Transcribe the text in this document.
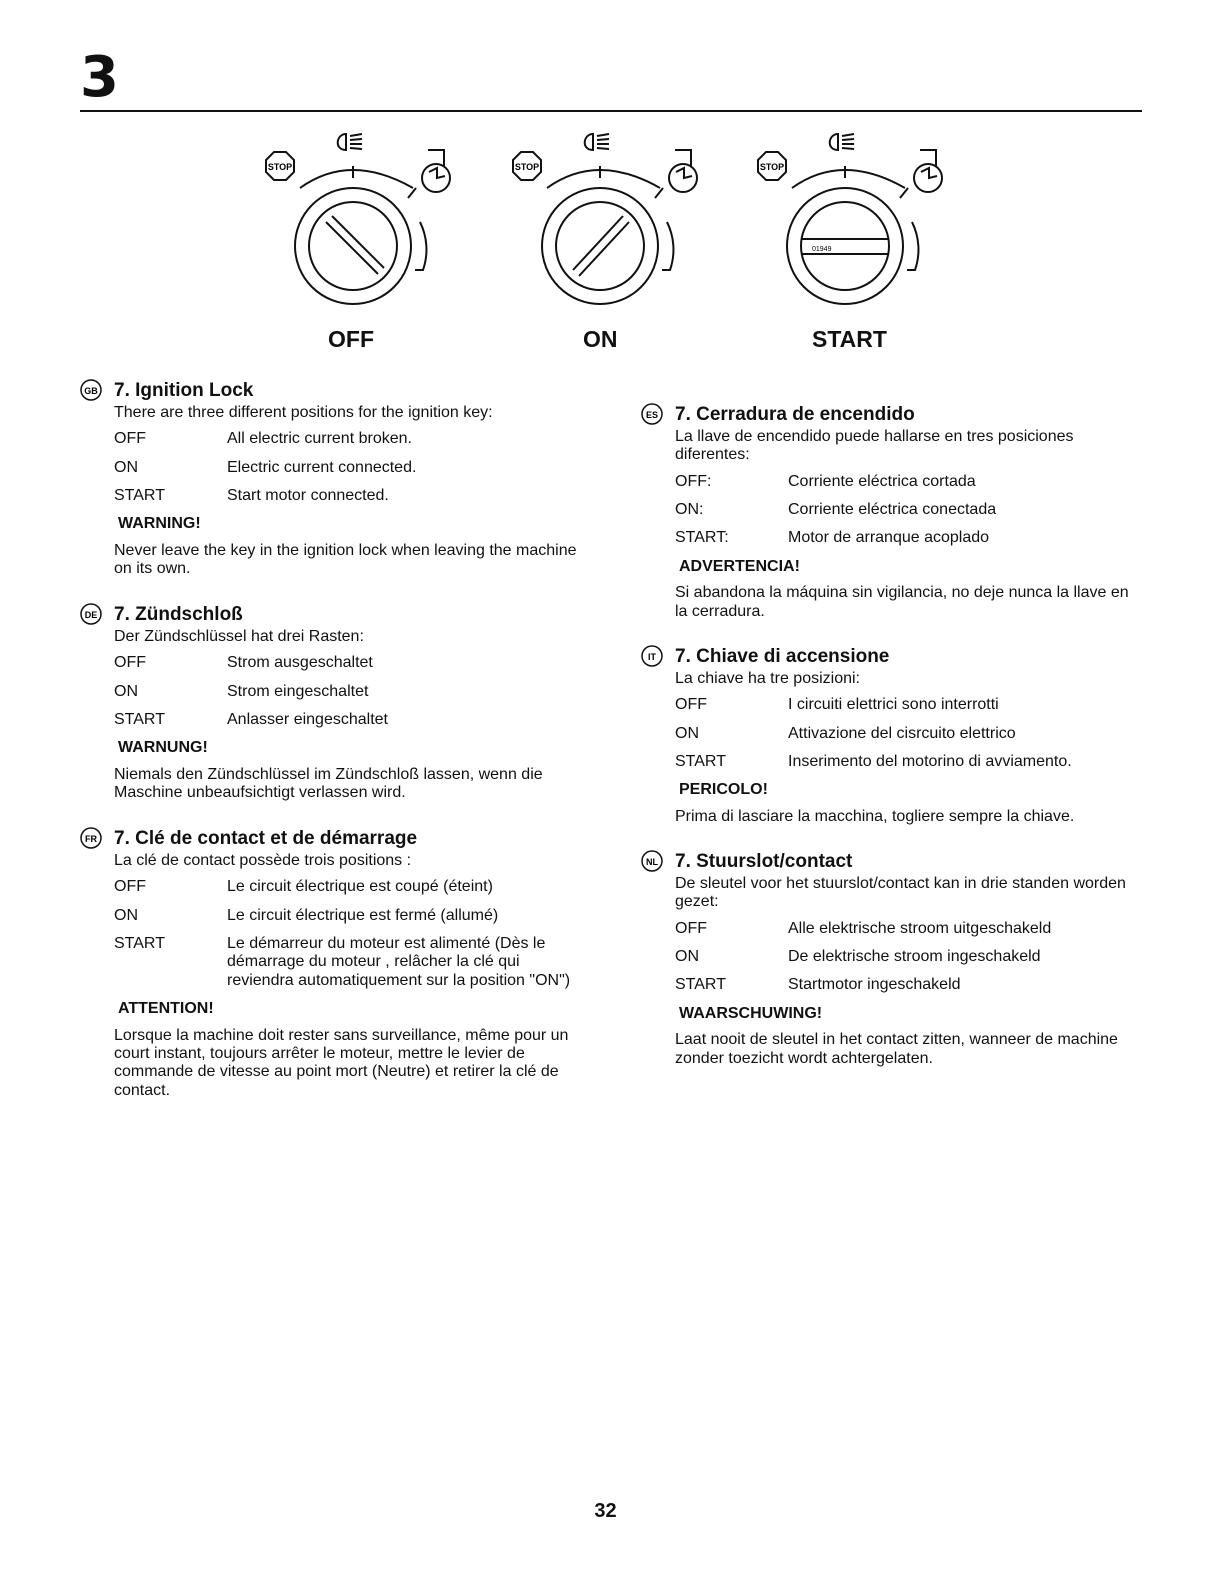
3
STOP	STOP	STOP
01949
OFF	ON	START
GB 7. Ignition Lock

There are three different positions for the ignition key:

OFF	All electric current broken.
ON	Electric current connected.
START	Start motor connected.
WARNING!

Never leave the key in the ignition lock when leaving the machine on its own.

DE 7. Zündschloß

Der Zündschlüssel hat drei Rasten:

OFF	Strom ausgeschaltet
ON	Strom eingeschaltet
START	Anlasser eingeschaltet
WARNUNG!

Niemals den Zündschlüssel im Zündschloß lassen, wenn die Maschine unbeaufsichtigt verlassen wird.

FR 7. Clé de contact et de démarrage

La clé de contact possède trois positions :

OFF	Le circuit électrique est coupé (éteint)
ON	Le circuit électrique est fermé (allumé)
START	Le démarreur du moteur est alimenté (Dès le démarrage du moteur , relâcher la clé qui reviendra automatiquement sur la position "ON")
ATTENTION!

Lorsque la machine doit rester sans surveillance, même pour un court instant, toujours arrêter le moteur, mettre le levier de commande de vitesse au point mort (Neutre) et retirer la clé de contact.

ES 7. Cerradura de encendido

La llave de encendido puede hallarse en tres posiciones diferentes:

OFF:	Corriente eléctrica cortada
ON:	Corriente eléctrica conectada
START:	Motor de arranque acoplado
ADVERTENCIA!

Si abandona la máquina sin vigilancia, no deje nunca la llave en la cerradura.

IT 7. Chiave di accensione

La chiave ha tre posizioni:

OFF	I circuiti elettrici sono interrotti
ON	Attivazione del cisrcuito elettrico
START	Inserimento del motorino di avviamento.
PERICOLO!

Prima di lasciare la macchina, togliere sempre la chiave.

NL 7. Stuurslot/contact

De sleutel voor het stuurslot/contact kan in drie standen worden gezet:

OFF	Alle elektrische stroom uitgeschakeld
ON	De elektrische stroom ingeschakeld
START	Startmotor ingeschakeld
WAARSCHUWING!

Laat nooit de sleutel in het contact zitten, wanneer de machine zonder toezicht wordt achtergelaten.

32
